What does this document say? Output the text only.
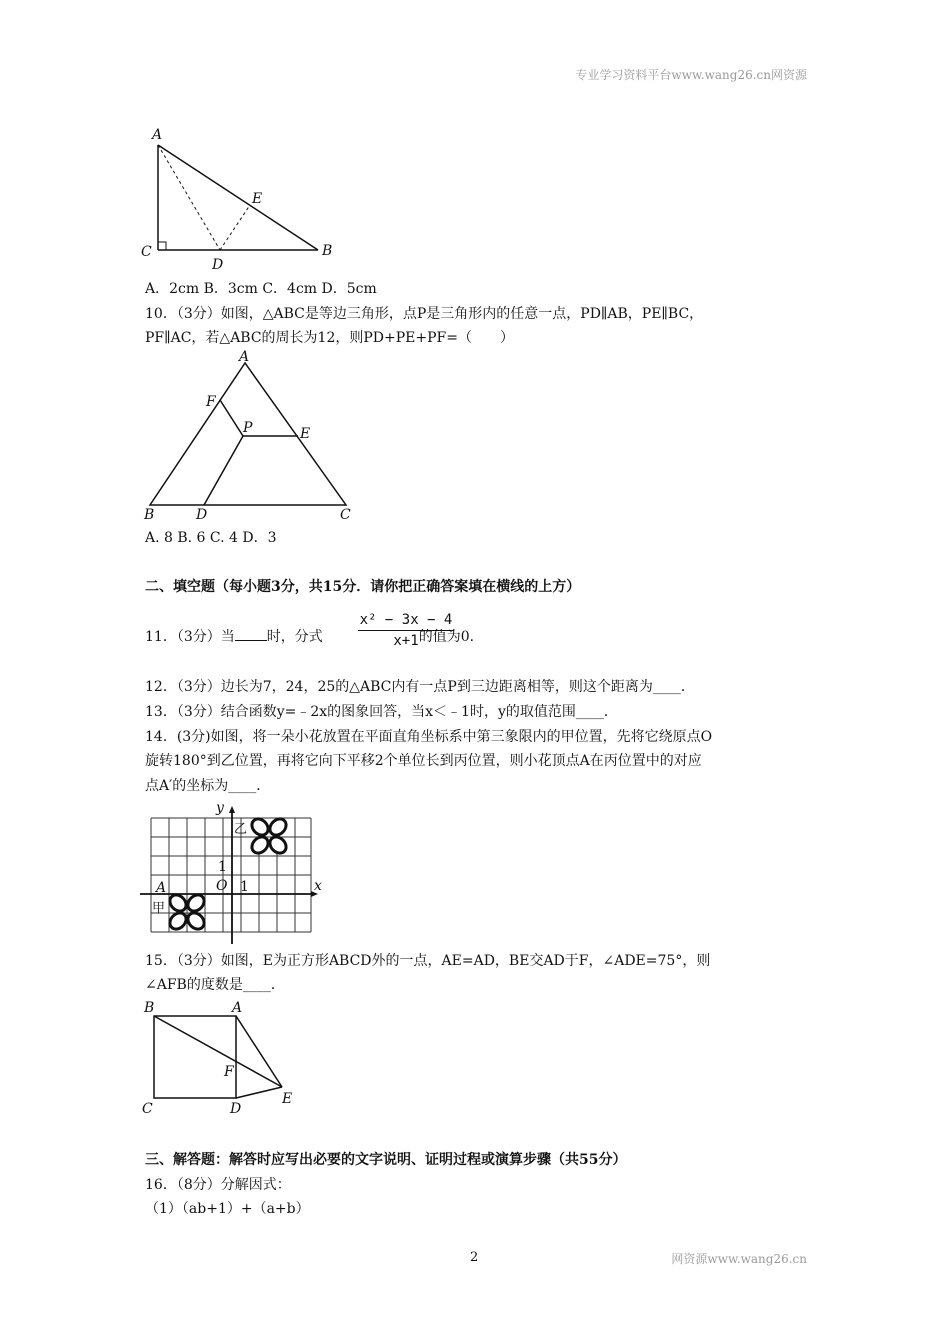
专业学习资料平台www.wang26.cn网资源
A
C	B
D
E
A．2cm B．3cm C．4cm D．5cm
10．（3分）如图，△ABC是等边三角形，点P是三角形内的任意一点，PD∥AB，PE∥BC，
PF∥AC，若△ABC的周长为12，则PD+PE+PF=（　　）
A
F
P	E
B	D	C
A. 8 B. 6 C. 4 D．3
二、填空题（每小题3分，共15分．请你把正确答案填在横线的上方）
11．（3分）当 时，分式	的值为0．
x² − 3x − 4
x+1
12．（3分）边长为7，24，25的△ABC内有一点P到三边距离相等，则这个距离为____．
13．（3分）结合函数y=﹣2x的图象回答，当x＜﹣1时，y的取值范围____．
14．(3分)如图，将一朵小花放置在平面直角坐标系中第三象限内的甲位置，先将它绕原点O
旋转180°到乙位置，再将它向下平移2个单位长到丙位置，则小花顶点A在丙位置中的对应
点A′的坐标为____．
y
x
O 1
1
A
甲
乙
15．（3分）如图，E为正方形ABCD外的一点，AE=AD，BE交AD于F，∠ADE=75°，则
∠AFB的度数是____．
B	A
C	D
F
E
三、解答题：解答时应写出必要的文字说明、证明过程或演算步骤（共55分）
16．（8分）分解因式：
（1）（ab+1）+（a+b）
2	网资源www.wang26.cn
